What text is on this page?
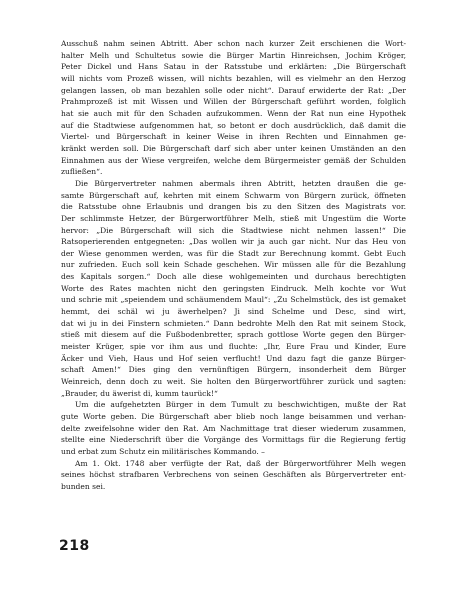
Ausschuß nahm seinen Abtritt. Aber schon nach kurzer Zeit erschienen die Wort-
halter Melh und Schultetus sowie die Bürger Martin Hinreichsen, Jochim Kröger,
Peter Dickel und Hans Satau in der Ratsstube und erklärten: „Die Bürgerschaft
will nichts vom Prozeß wissen, will nichts bezahlen, will es vielmehr an den Herzog
gelangen lassen, ob man bezahlen solle oder nicht“. Darauf erwiderte der Rat: „Der
Prahmprozeß ist mit Wissen und Willen der Bürgerschaft geführt worden, folglich
hat sie auch mit für den Schaden aufzukommen. Wenn der Rat nun eine Hypothek
auf die Stadtwiese aufgenommen hat, so betont er doch ausdrücklich, daß damit die
Viertel- und Bürgerschaft in keiner Weise in ihren Rechten und Einnahmen ge-
kränkt werden soll. Die Bürgerschaft darf sich aber unter keinen Umständen an den
Einnahmen aus der Wiese vergreifen, welche dem Bürgermeister gemäß der Schulden
zufließen“.
Die Bürgervertreter nahmen abermals ihren Abtritt, hetzten draußen die ge-
samte Bürgerschaft auf, kehrten mit einem Schwarm von Bürgern zurück, öffneten
die Ratsstube ohne Erlaubnis und drangen bis zu den Sitzen des Magistrats vor.
Der schlimmste Hetzer, der Bürgerwortführer Melh, stieß mit Ungestüm die Worte
hervor: „Die Bürgerschaft will sich die Stadtwiese nicht nehmen lassen!“ Die
Ratsoperierenden entgegneten: „Das wollen wir ja auch gar nicht. Nur das Heu von
der Wiese genommen werden, was für die Stadt zur Berechnung kommt. Gebt Euch
nur zufrieden. Euch soll kein Schade geschehen. Wir müssen alle für die Bezahlung
des Kapitals sorgen.“ Doch alle diese wohlgemeinten und durchaus berechtigten
Worte des Rates machten nicht den geringsten Eindruck. Melh kochte vor Wut
und schrie mit „speiendem und schäumendem Maul“: „Zu Schelmstück, des ist gemaket
hemmt, dei schäl wi ju äwerhelpen? Ji sind Schelme und Desc, sind wirt,
dat wi ju in dei Finstern schmieten.“ Dann bedrohte Melh den Rat mit seinem Stock,
stieß mit diesem auf die Fußbodenbretter, sprach gottlose Worte gegen den Bürger-
meister Krüger, spie vor ihm aus und fluchte: „Ihr, Eure Frau und Kinder, Eure
Äcker und Vieh, Haus und Hof seien verflucht! Und dazu fagt die ganze Bürger-
schaft Amen!“ Dies ging den vernünftigen Bürgern, insonderheit dem Bürger
Weinreich, denn doch zu weit. Sie holten den Bürgerwortführer zurück und sagten:
„Brauder, du äwerist di, kumm taurück!“
Um die aufgehetzten Bürger in dem Tumult zu beschwichtigen, mußte der Rat
gute Worte geben. Die Bürgerschaft aber blieb noch lange beisammen und verhan-
delte zweifelsohne wider den Rat. Am Nachmittage trat dieser wiederum zusammen,
stellte eine Niederschrift über die Vorgänge des Vormittags für die Regierung fertig
und erbat zum Schutz ein militärisches Kommando. –
Am 1. Okt. 1748 aber verfügte der Rat, daß der Bürgerwortführer Melh wegen
seines höchst strafbaren Verbrechens von seinen Geschäften als Bürgervertreter ent-
bunden sei.
218
